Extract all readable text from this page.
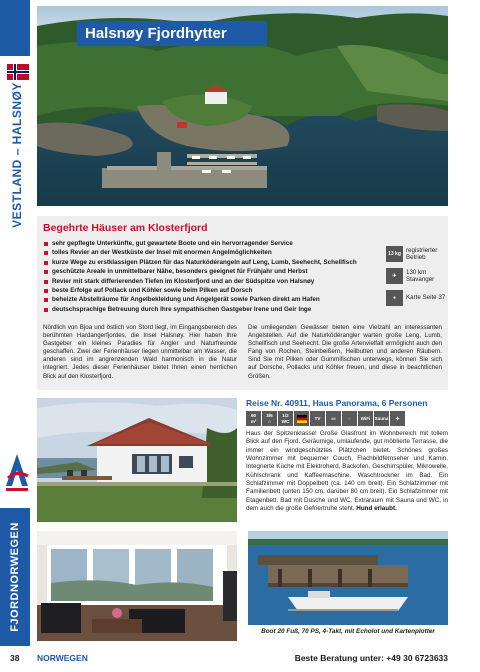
VESTLAND – HALSNØY
FJORDNORWEGEN
Halsnøy Fjordhytter
Begehrte Häuser am Klosterfjord
sehr gepflegte Unterkünfte, gut gewartete Boote und ein hervorragender Service
tolles Revier an der Westküste der Insel mit enormen Angelmöglichkeiten
kurze Wege zu erstklassigen Plätzen für das Naturködérangeln auf Leng, Lumb, Seehecht, Schellfisch
geschützte Areale in unmittelbarer Nähe, besonders geeignet für Frühjahr und Herbst
Revier mit stark differierenden Tiefen im Klosterfjord und an der Südspitze von Halsnøy
beste Erfolge auf Pollack und Köhler sowie beim Pilken auf Dorsch
beheizte Abstellräume für Angelbekleidung und Angelgerät sowie Parken direkt am Hafen
deutschsprachige Betreuung durch Ihre sympathischen Gastgeber Irene und Geir Inge
13 kg
registrierter Betrieb
✈
130 km Stavanger
●	Karte Seite 37

Nördlich von Bjoa und östlich von Stord liegt, im Eingangsbereich des berühmten Hardangerfjordes, die Insel Halsnøy. Hier haben Ihre Gastgeber ein kleines Paradies für Angler und Naturfreunde geschaffen. Zwei der Ferienhäuser liegen unmittelbar am Wasser, die anderen sind im angrenzenden Wald harmonisch in die Natur integriert. Jedes dieser Ferienhäuser bietet Ihnen einen herrlichen Blick auf den Klosterfjord.

Die umliegenden Gewässer bieten eine Vielzahl an interessanten Angelstellen. Auf die Naturködérangler warten große Leng, Lumb, Schellfisch und Seehecht. Die große Artenvielfalt ermöglicht auch den Fang von Rochen, Steinbeißern, Heilbutten und anderen Räubern. Sind Sie mit Pilken oder Gummifischen unterwegs, können Sie sich auf Dorsche, Pollacks und Köhler freuen, und diese in beachtlichen Größen.

Reise Nr. 40911, Haus Panorama, 6 Personen
90
m²
3/6
⌂
1/2
WC
TV ▭	◌ WiFi Sauna ✣

Haus der Spitzenklasse! Große Glasfront im Wohnbereich mit tollem Blick auf den Fjord. Geräumige, umlaufende, gut möblierte Terrasse, die immer ein windgeschütztes Plätzchen bietet. Schönes großes Wohnzimmer mit bequemer Couch, Flachbildfernseher und Kamin. Integrierte Küche mit Elektroherd, Backofen, Geschirrspüler, Mikrowelle, Kühlschrank und Kaffeemaschine. Waschtrockner im Bad. Ein Schlafzimmer mit Doppelbett (ca. 140 cm breit). Ein Schlafzimmer mit Familienbett (unten 150 cm, darüber 80 cm breit). Ein Schlafzimmer mit Etagenbett. Bad mit Dusche und WC. Extraraum mit Sauna und WC, in dem auch die große Gefriertruhe steht. Hund erlaubt.

Boot 20 Fuß, 70 PS, 4-Takt, mit Echolot und Kartenplotter
38 NORWEGEN	Beste Beratung unter: +49 30 6723633
